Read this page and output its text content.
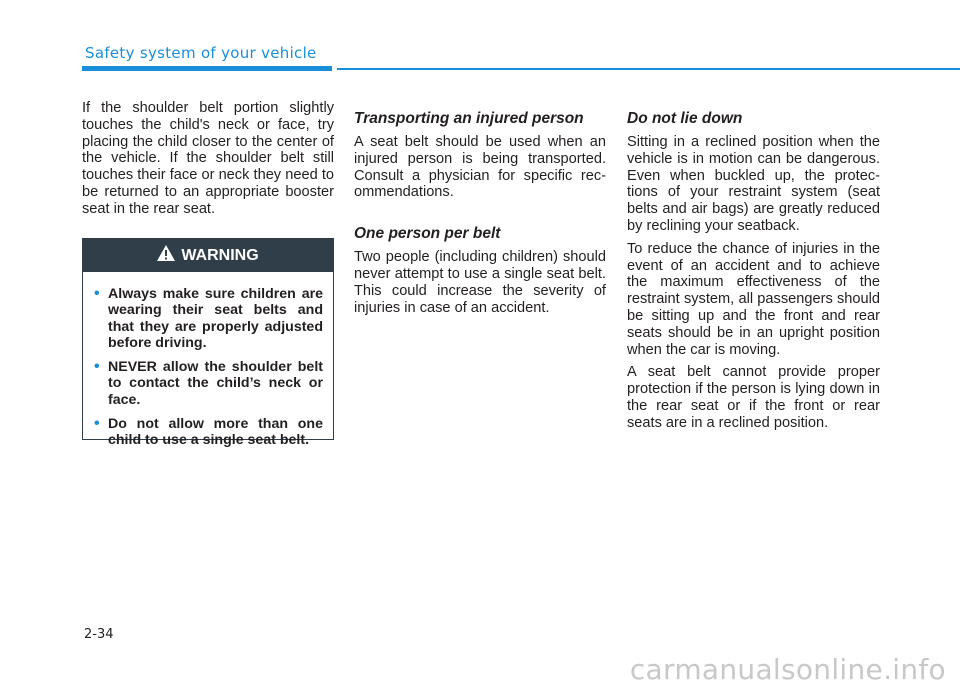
Safety system of your vehicle

If the shoulder belt portion slightly touches the child's neck or face, try placing the child closer to the center of the vehicle. If the shoulder belt still touches their face or neck they need to be returned to an appropriate booster seat in the rear seat.

WARNING
• Always make sure children are wearing their seat belts and that they are properly adjusted before driving.
• NEVER allow the shoulder belt to contact the child’s neck or face.
• Do not allow more than one child to use a single seat belt.

Transporting an injured person

A seat belt should be used when an injured person is being transported. Consult a physician for specific rec-ommendations.

One person per belt

Two people (including children) should never attempt to use a single seat belt. This could increase the severity of injuries in case of an accident.

Do not lie down

Sitting in a reclined position when the vehicle is in motion can be dangerous. Even when buckled up, the protec-tions of your restraint system (seat belts and air bags) are greatly reduced by reclining your seatback.

To reduce the chance of injuries in the event of an accident and to achieve the maximum effectiveness of the restraint system, all passengers should be sitting up and the front and rear seats should be in an upright position when the car is moving.

A seat belt cannot provide proper protection if the person is lying down in the rear seat or if the front or rear seats are in a reclined position.

2-34
carmanualsonline.info
